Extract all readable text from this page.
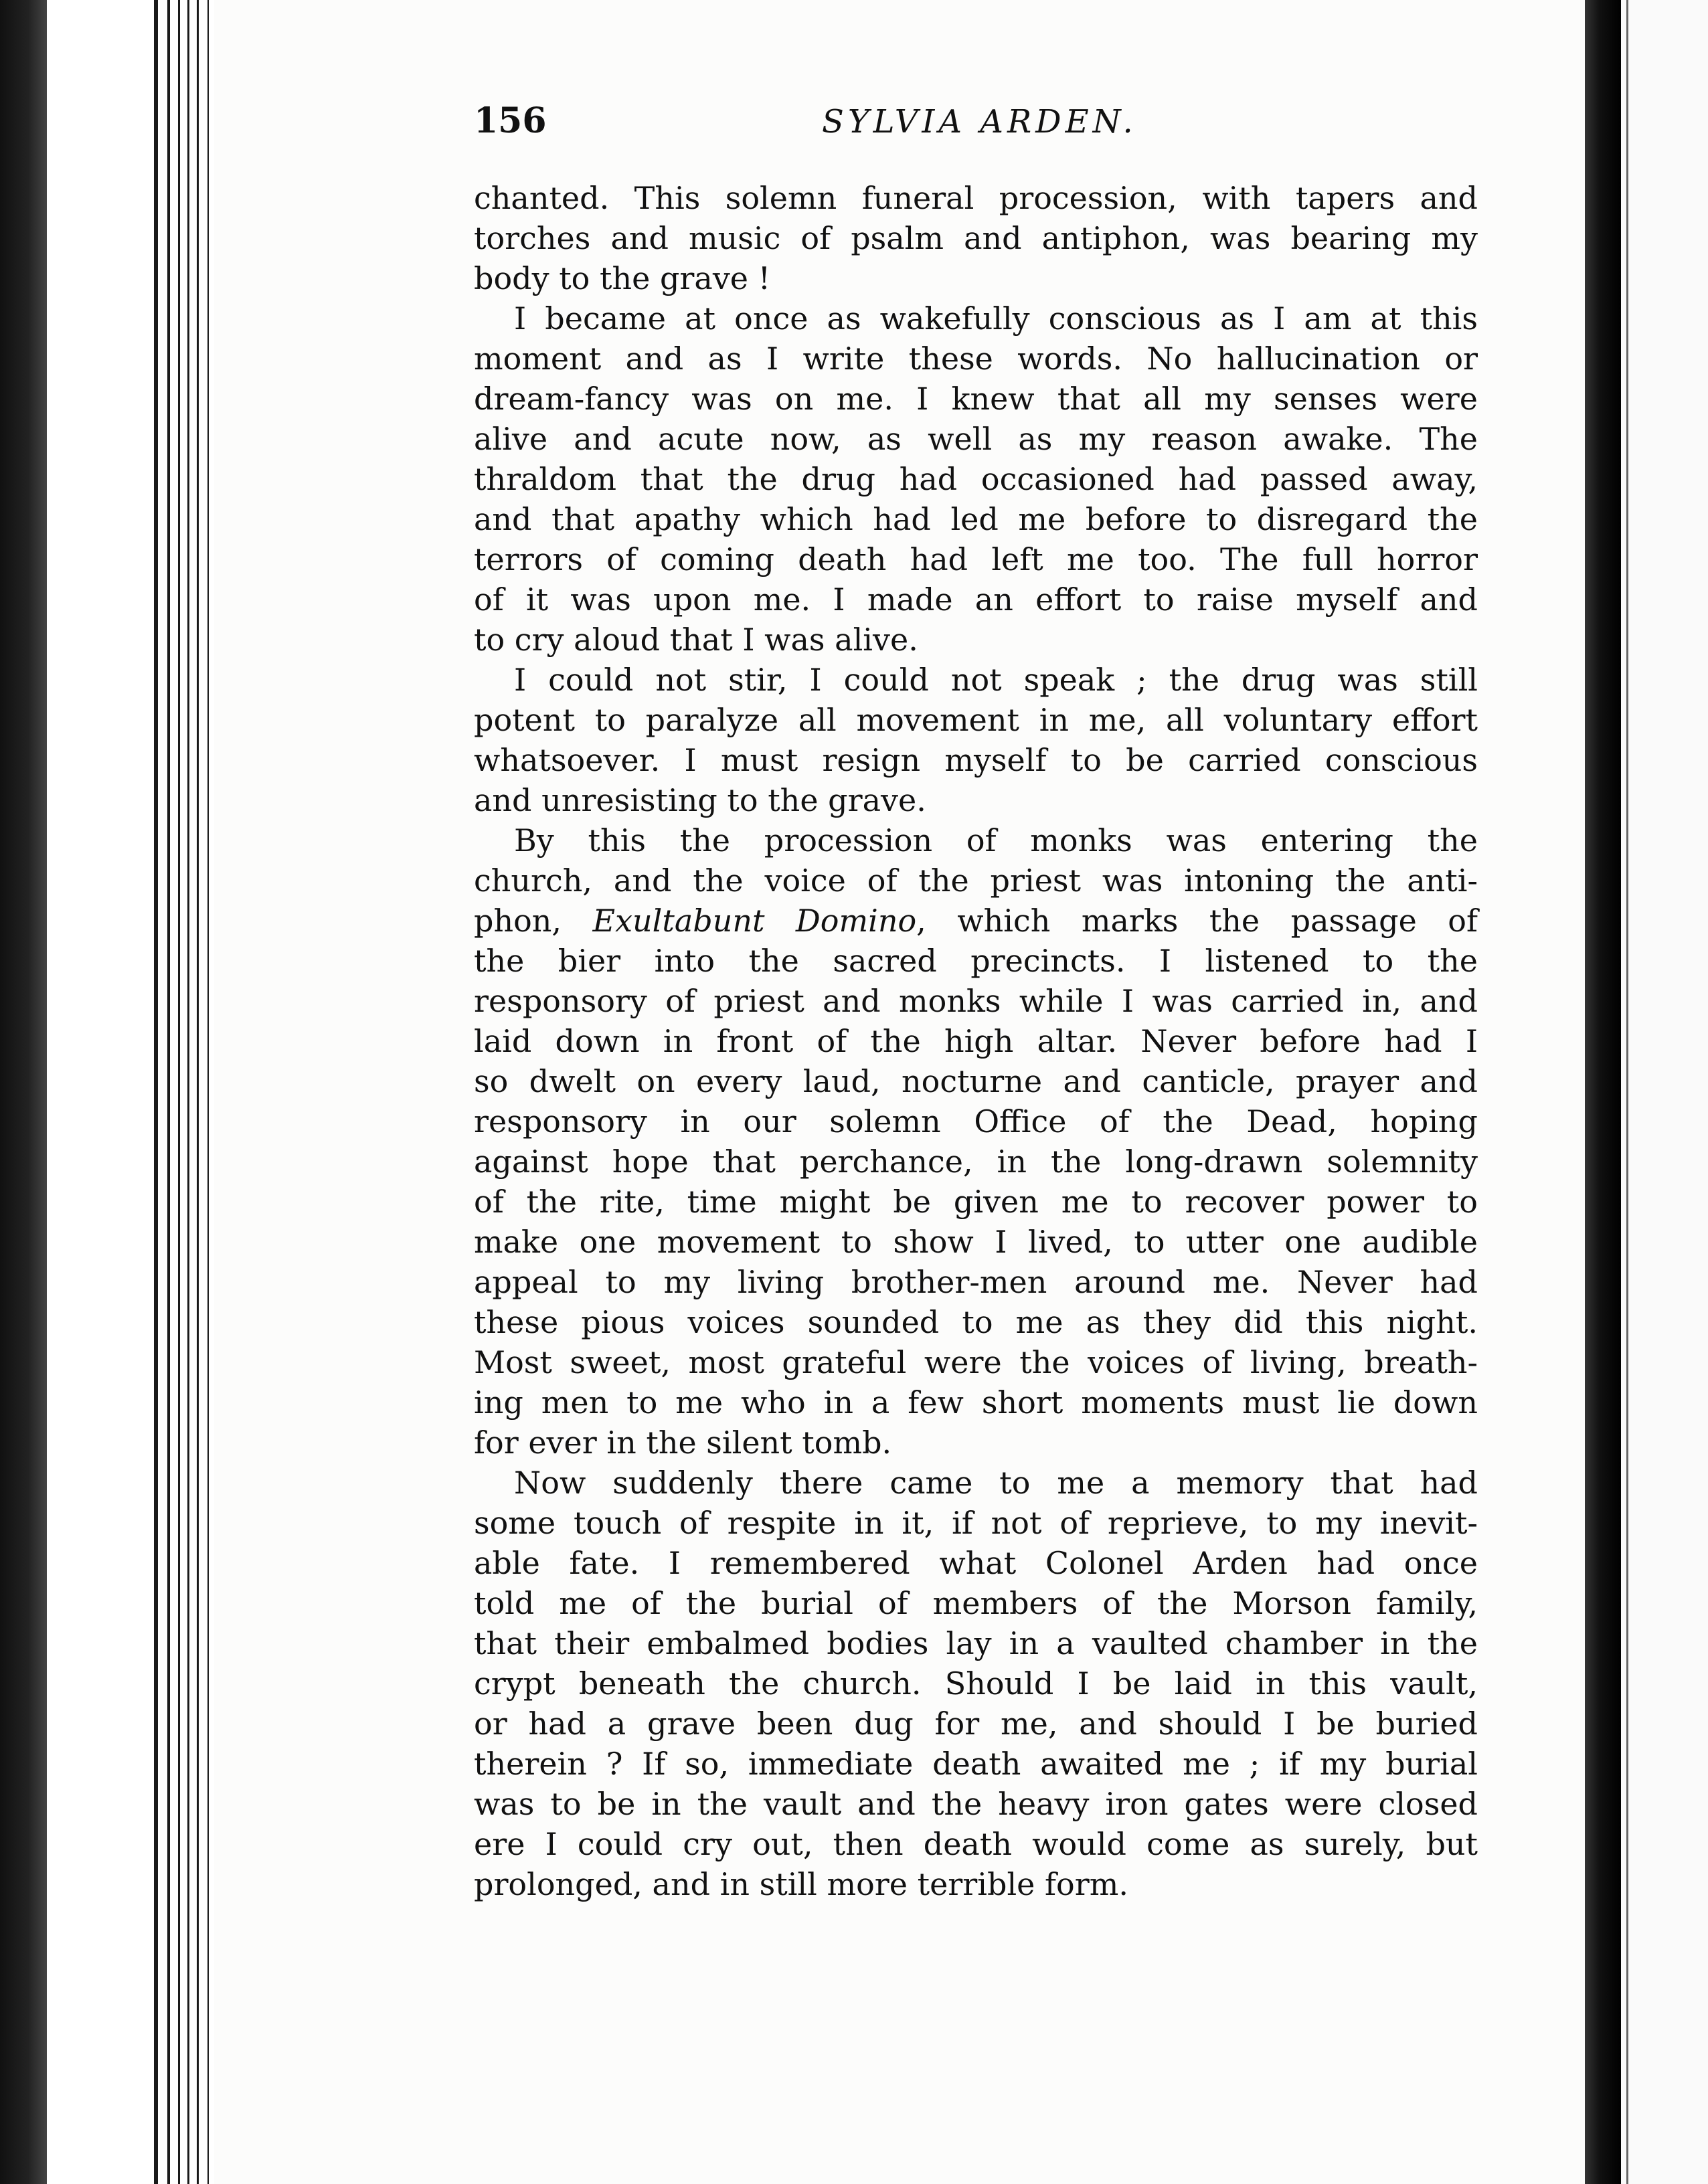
156	SYLVIA ARDEN.
chanted. This solemn funeral procession, with tapers and
torches and music of psalm and antiphon, was bearing my
body to the grave !
I became at once as wakefully conscious as I am at this
moment and as I write these words. No hallucination or
dream-fancy was on me. I knew that all my senses were
alive and acute now, as well as my reason awake. The
thraldom that the drug had occasioned had passed away,
and that apathy which had led me before to disregard the
terrors of coming death had left me too. The full horror
of it was upon me. I made an effort to raise myself and
to cry aloud that I was alive.
I could not stir, I could not speak ; the drug was still
potent to paralyze all movement in me, all voluntary effort
whatsoever. I must resign myself to be carried conscious
and unresisting to the grave.
By this the procession of monks was entering the
church, and the voice of the priest was intoning the anti-
phon, Exultabunt Domino, which marks the passage of
the bier into the sacred precincts. I listened to the
responsory of priest and monks while I was carried in, and
laid down in front of the high altar. Never before had I
so dwelt on every laud, nocturne and canticle, prayer and
responsory in our solemn Office of the Dead, hoping
against hope that perchance, in the long-drawn solemnity
of the rite, time might be given me to recover power to
make one movement to show I lived, to utter one audible
appeal to my living brother-men around me. Never had
these pious voices sounded to me as they did this night.
Most sweet, most grateful were the voices of living, breath-
ing men to me who in a few short moments must lie down
for ever in the silent tomb.
Now suddenly there came to me a memory that had
some touch of respite in it, if not of reprieve, to my inevit-
able fate. I remembered what Colonel Arden had once
told me of the burial of members of the Morson family,
that their embalmed bodies lay in a vaulted chamber in the
crypt beneath the church. Should I be laid in this vault,
or had a grave been dug for me, and should I be buried
therein ? If so, immediate death awaited me ; if my burial
was to be in the vault and the heavy iron gates were closed
ere I could cry out, then death would come as surely, but
prolonged, and in still more terrible form.
